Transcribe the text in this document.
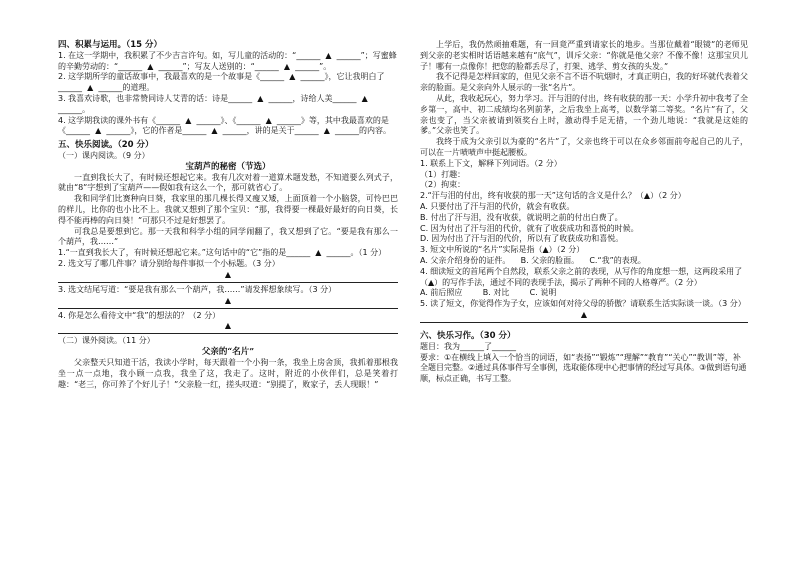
四、积累与运用。（15 分）

1. 在这一学期中，我积累了不少吉言许句。如，写儿童的活动的：“______  ▲  ______”；写蜜蜂的辛勤劳动的：“______  ▲  ______”；写友人送别的：“______  ▲  ______”。

2. 这学期所学的童话故事中，我最喜欢的是一个故事是《______  ▲  ______》，它让我明白了______  ▲  ______的道理。

3. 我喜欢诗歌，也非常赞同诗人艾青的话：诗是______  ▲  ______，诗给人美______  ▲  ______。

4. 这学期我读的课外书有《______  ▲  ______》、《______  ▲  ______》等，其中我最喜欢的是《______  ▲  ______》，它的作者是______  ▲  ______，讲的是关于______  ▲  ______的内容。

五、快乐阅读。（20 分）

（一）课内阅读。（9 分）

宝葫芦的秘密（节选）

一直到我长大了，有时候还想起它来。我有几次对着一道算术题发愁，不知道要么列式子，就由“8”字想到了宝葫芦——假如我有这么一个，那可就省心了。

我和同学们比赛种向日葵，我家里的那几棵长得又瘦又矮，上面顶着一个小脑袋，可怜巴巴的样儿，比你的也小比不上。我就又想到了那个宝贝：“那，我得要一棵最好最好的向日葵，长得不能再棒的向日葵！”可那只不过是好想罢了。

可我总是要想到它。那一天我和科学小组的同学闹翻了，我又想到了它。“要是我有那么一个葫芦，我……”

1.“一直到我长大了，有时候还想起它来。”这句话中的“它”指的是______  ▲  ______。（1 分）

2. 选文写了哪几件事？请分别给每件事拟一个小标题。（3 分）

▲

3. 选文结尾写道：“要是我有那么一个葫芦，我……”请发挥想象续写。（3 分）

▲

4. 你是怎么看待文中“我”的想法的？（2 分）

▲

（二）课外阅读。（11 分）

父亲的“名片”

父亲整天只知道干活，我读小学时，每天跟着一个小狗一条，我坐上房舍顶，我抓着那根我坐一点一点地，我小顾一点我，我坐了这，我走了。这时，附近的小伙伴们，总是笑着打趣：“老三，你可养了个好儿子！”父亲脸一红，搓头叹道：“别提了，败家子，丢人现眼！”

上学后，我仍然顽抽难题，有一回竟严重到请家长的地步。当那位戴着“眼镜”的老师见到父亲的老实相时话语越来越有“底气”，训斥父亲：“你就是他父亲？不像不像！这那宝贝儿子！哪有一点像你！把您的脸都丢尽了，打架、逃学、剪女孩的头发。”

我不记得是怎样回家的，但见父亲不言不语不吭烟时，才真正明白，我的好坏就代表着父亲的脸面。是父亲向外人展示的一张“名片”。

从此，我收起玩心，努力学习。汗与泪的付出，终有收获的那一天：小学升初中我考了全乡第一，高中、初二成绩均名列前茅，之后我坐上高考，以数学第二等奖。“名片”有了，父亲也变了，当父亲被请到领奖台上时，激动得手足无措，一个劲儿地说：“我就是这娃的爹。”父亲也笑了。

我终于成为父亲引以为豪的“名片”了，父亲也终于可以在众乡邻面前夸起自己的儿子，可以在一片啧啧声中挺起腰板。

1. 联系上下文，解释下列词语。（2 分）

（1）打趣：

（2）拘束：

2.“汗与泪的付出，终有收获的那一天”这句话的含义是什么？（▲）（2 分）

A. 只要付出了汗与泪的代价，就会有收获。

B. 付出了汗与泪，没有收获，就说明之前的付出白费了。

C. 因为付出了汗与泪的代价，就有了收获成功和喜悦的时候。

D. 因为付出了汗与泪的代价，所以有了收获成功和喜悦。

3. 短文中所说的“名片”实际是指（▲）（2 分）

A. 父亲介绍身份的证件。    B. 父亲的脸面。    C.“我”的表现。

4. 细读短文的首尾两个自然段，联系父亲之前的表现，从写作的角度想一想，这两段采用了（▲）的写作手法，通过不同的表现手法，揭示了两种不同的人格尊严。（2 分）

A. 前后照应        B. 对比        C. 说明

5. 读了短文，你觉得作为子女，应该如何对待父母的骄傲？请联系生活实际谈一谈。（3 分）

▲

六、快乐习作。（30 分）

题目：我为______了______

要求：①在横线上填入一个恰当的词语，如“表扬”“锻炼”“理解”“教育”“关心”“教训”等，补全题目完整。②通过具体事件写全事例，选取能体现中心把事情的经过写具体。③做到语句通顺，标点正确，书写工整。
